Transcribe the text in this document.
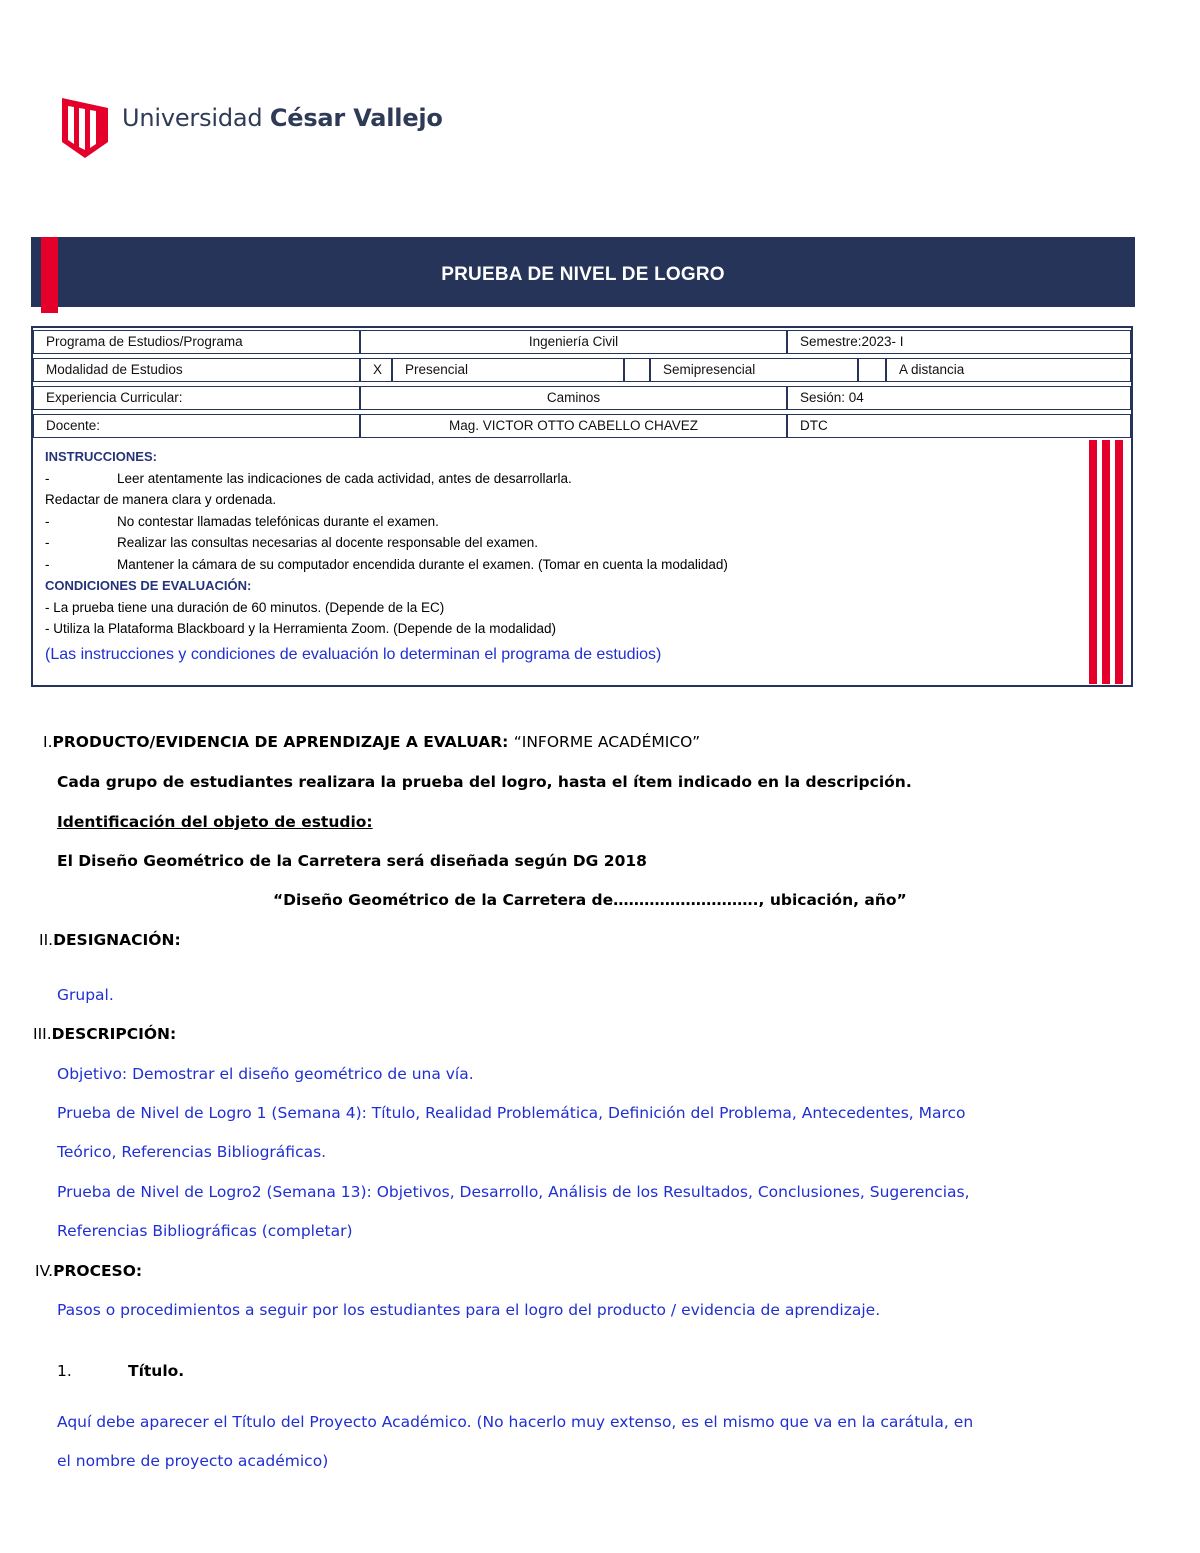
Universidad César Vallejo
PRUEBA DE NIVEL DE LOGRO
Programa de Estudios/Programa	Ingeniería Civil	Semestre:2023- I
Modalidad de Estudios	X	Presencial	Semipresencial	A distancia
Experiencia Curricular:	Caminos	Sesión: 04
Docente:	Mag. VICTOR OTTO CABELLO CHAVEZ	DTC
INSTRUCCIONES:
-	Leer atentamente las indicaciones de cada actividad, antes de desarrollarla.
Redactar de manera clara y ordenada.
-	No contestar llamadas telefónicas durante el examen.
-	Realizar las consultas necesarias al docente responsable del examen.
-	Mantener la cámara de su computador encendida durante el examen. (Tomar en cuenta la modalidad)
CONDICIONES DE EVALUACIÓN:
- La prueba tiene una duración de 60 minutos. (Depende de la EC)
- Utiliza la Plataforma Blackboard y la Herramienta Zoom. (Depende de la modalidad)
(Las instrucciones y condiciones de evaluación lo determinan el programa de estudios)
I.PRODUCTO/EVIDENCIA DE APRENDIZAJE A EVALUAR: “INFORME ACADÉMICO”
Cada grupo de estudiantes realizara la prueba del logro, hasta el ítem indicado en la descripción.
Identificación del objeto de estudio:
El Diseño Geométrico de la Carretera será diseñada según DG 2018
“Diseño Geométrico de la Carretera de………………………., ubicación, año”
II.DESIGNACIÓN:
Grupal.
III.DESCRIPCIÓN:
Objetivo: Demostrar el diseño geométrico de una vía.
Prueba de Nivel de Logro 1 (Semana 4): Título, Realidad Problemática, Definición del Problema, Antecedentes, Marco
Teórico, Referencias Bibliográficas.
Prueba de Nivel de Logro2 (Semana 13): Objetivos, Desarrollo, Análisis de los Resultados, Conclusiones, Sugerencias,
Referencias Bibliográficas (completar)
IV.PROCESO:
Pasos o procedimientos a seguir por los estudiantes para el logro del producto / evidencia de aprendizaje.
1.	Título.
Aquí debe aparecer el Título del Proyecto Académico. (No hacerlo muy extenso, es el mismo que va en la carátula, en
el nombre de proyecto académico)
